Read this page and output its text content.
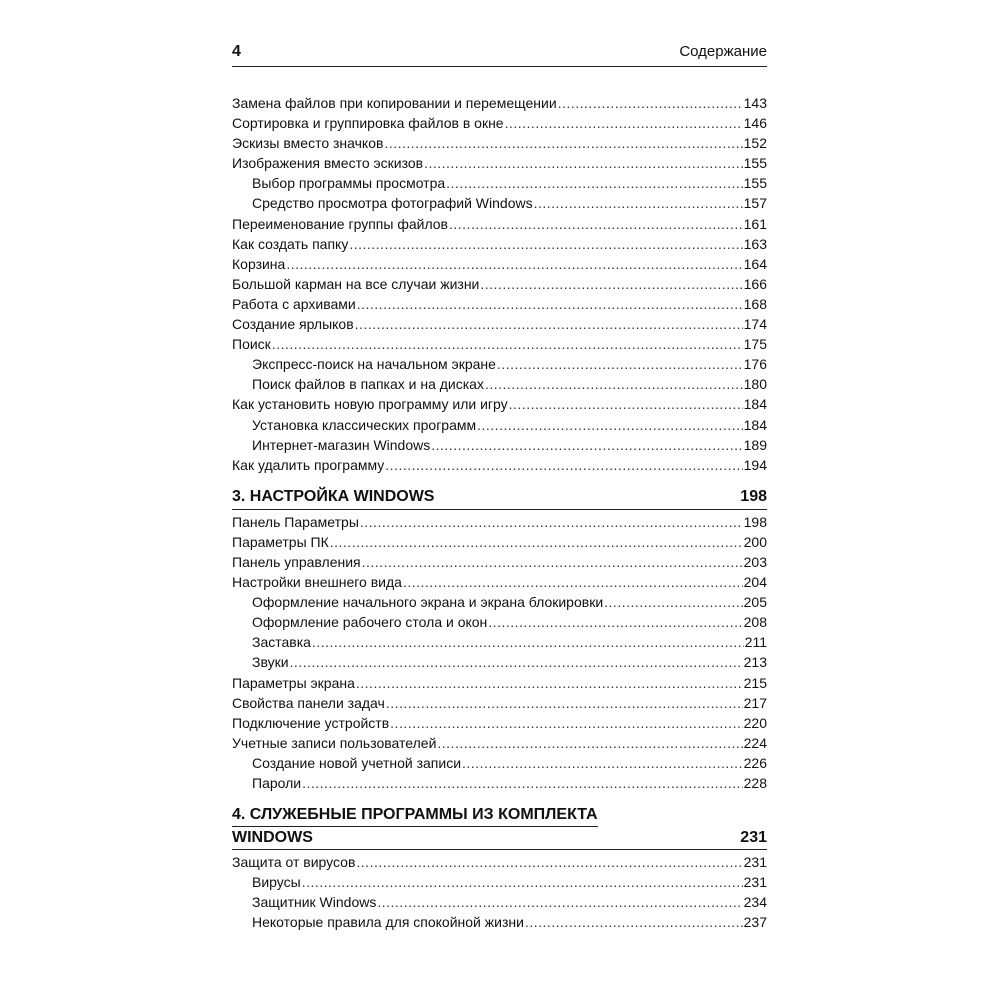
4	Содержание
Замена файлов при копировании и перемещении .....	143
Сортировка и группировка файлов в окне .....	146
Эскизы вместо значков .....	152
Изображения вместо эскизов .....	155
Выбор программы просмотра .....	155
Средство просмотра фотографий Windows .....	157
Переименование группы файлов .....	161
Как создать папку .....	163
Корзина .....	164
Большой карман на все случаи жизни .....	166
Работа с архивами .....	168
Создание ярлыков .....	174
Поиск .....	175
Экспресс-поиск на начальном экране .....	176
Поиск файлов в папках и на дисках .....	180
Как установить новую программу или игру .....	184
Установка классических программ .....	184
Интернет-магазин Windows .....	189
Как удалить программу .....	194
3. НАСТРОЙКА WINDOWS	198
Панель Параметры .....	198
Параметры ПК .....	200
Панель управления .....	203
Настройки внешнего вида .....	204
Оформление начального экрана и экрана блокировки .....	205
Оформление рабочего стола и окон .....	208
Заставка .....	211
Звуки .....	213
Параметры экрана .....	215
Свойства панели задач .....	217
Подключение устройств .....	220
Учетные записи пользователей .....	224
Создание новой учетной записи .....	226
Пароли .....	228
4. СЛУЖЕБНЫЕ ПРОГРАММЫ ИЗ КОМПЛЕКТА
WINDOWS	231
Защита от вирусов .....	231
Вирусы .....	231
Защитник Windows .....	234
Некоторые правила для спокойной жизни .....	237
